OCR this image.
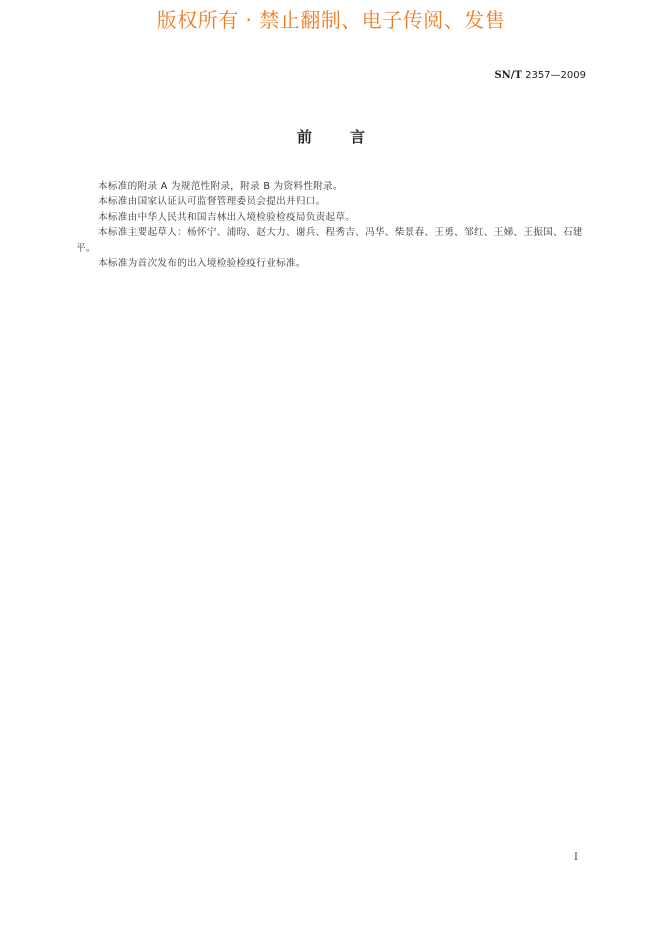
版权所有 · 禁止翻制、电子传阅、发售
SN/T 2357—2009
前	言

本标准的附录 A 为规范性附录，附录 B 为资料性附录。

本标准由国家认证认可监督管理委员会提出并归口。

本标准由中华人民共和国吉林出入境检验检疫局负责起草。

本标准主要起草人：杨怀宁、浦昀、赵大力、谢兵、程秀吉、冯华、柴景春、王勇、邹红、王娣、王振国、石建平。

本标准为首次发布的出入境检验检疫行业标准。

I
